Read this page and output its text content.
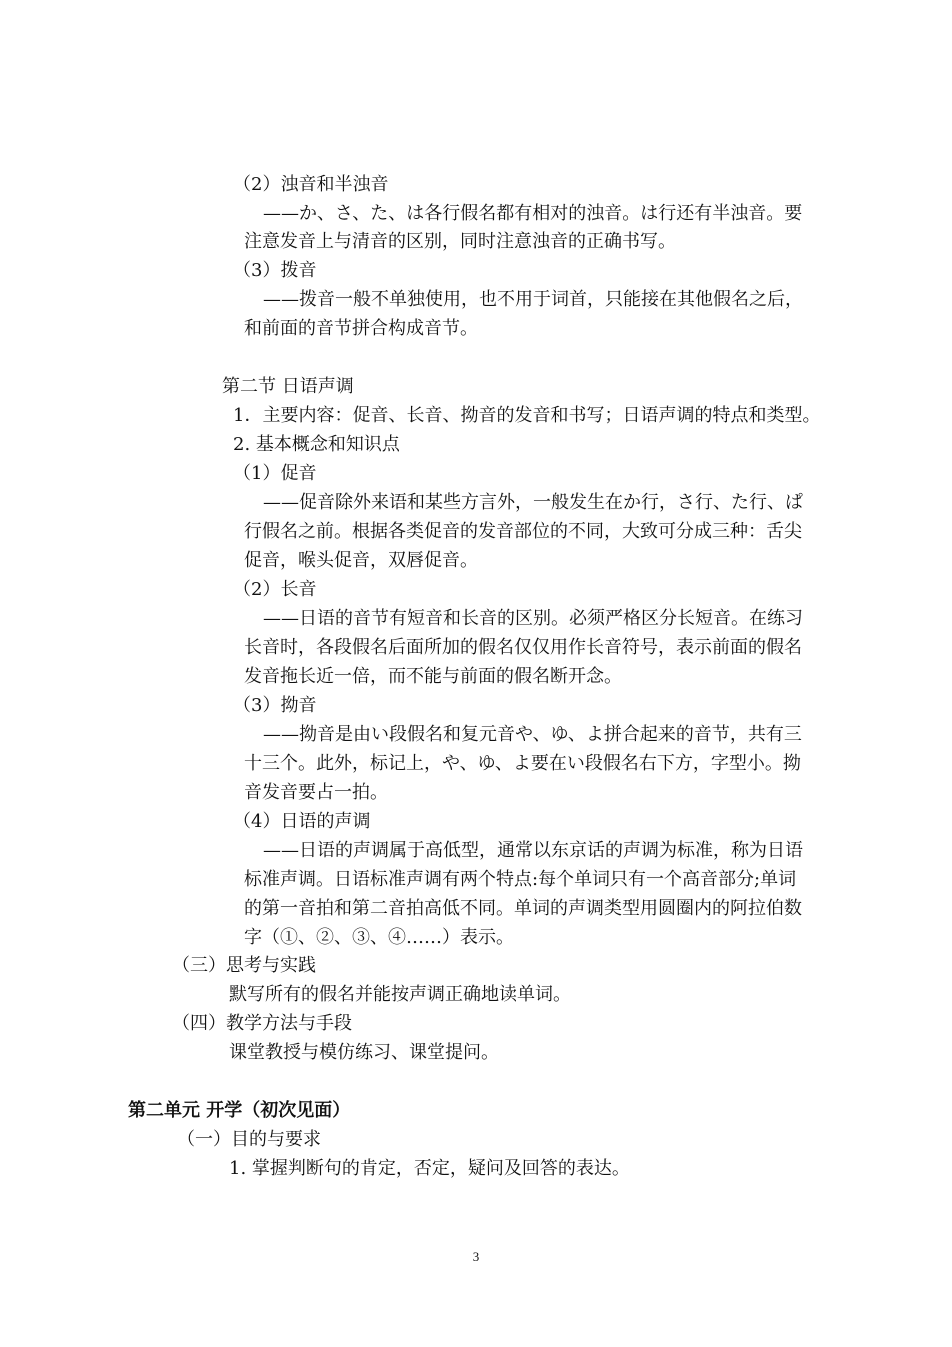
（2）浊音和半浊音
——か、さ、た、は各行假名都有相对的浊音。は行还有半浊音。要
注意发音上与清音的区别，同时注意浊音的正确书写。
（3）拨音
——拨音一般不单独使用，也不用于词首，只能接在其他假名之后，
和前面的音节拼合构成音节。
第二节 日语声调
1．主要内容：促音、长音、拗音的发音和书写；日语声调的特点和类型。
2. 基本概念和知识点
（1）促音
——促音除外来语和某些方言外，一般发生在か行，さ行、た行、ぱ
行假名之前。根据各类促音的发音部位的不同，大致可分成三种：舌尖
促音，喉头促音，双唇促音。
（2）长音
——日语的音节有短音和长音的区别。必须严格区分长短音。在练习
长音时，各段假名后面所加的假名仅仅用作长音符号，表示前面的假名
发音拖长近一倍，而不能与前面的假名断开念。
（3）拗音
——拗音是由い段假名和复元音や、ゆ、よ拼合起来的音节，共有三
十三个。此外，标记上，や、ゆ、よ要在い段假名右下方，字型小。拗
音发音要占一拍。
（4）日语的声调
——日语的声调属于高低型，通常以东京话的声调为标准，称为日语
标准声调。日语标准声调有两个特点:每个单词只有一个高音部分;单词
的第一音拍和第二音拍高低不同。单词的声调类型用圆圈内的阿拉伯数
字（①、②、③、④……）表示。
（三）思考与实践
默写所有的假名并能按声调正确地读单词。
（四）教学方法与手段
课堂教授与模仿练习、课堂提问。
第二单元 开学（初次见面）
（一）目的与要求
1. 掌握判断句的肯定，否定，疑问及回答的表达。
3
